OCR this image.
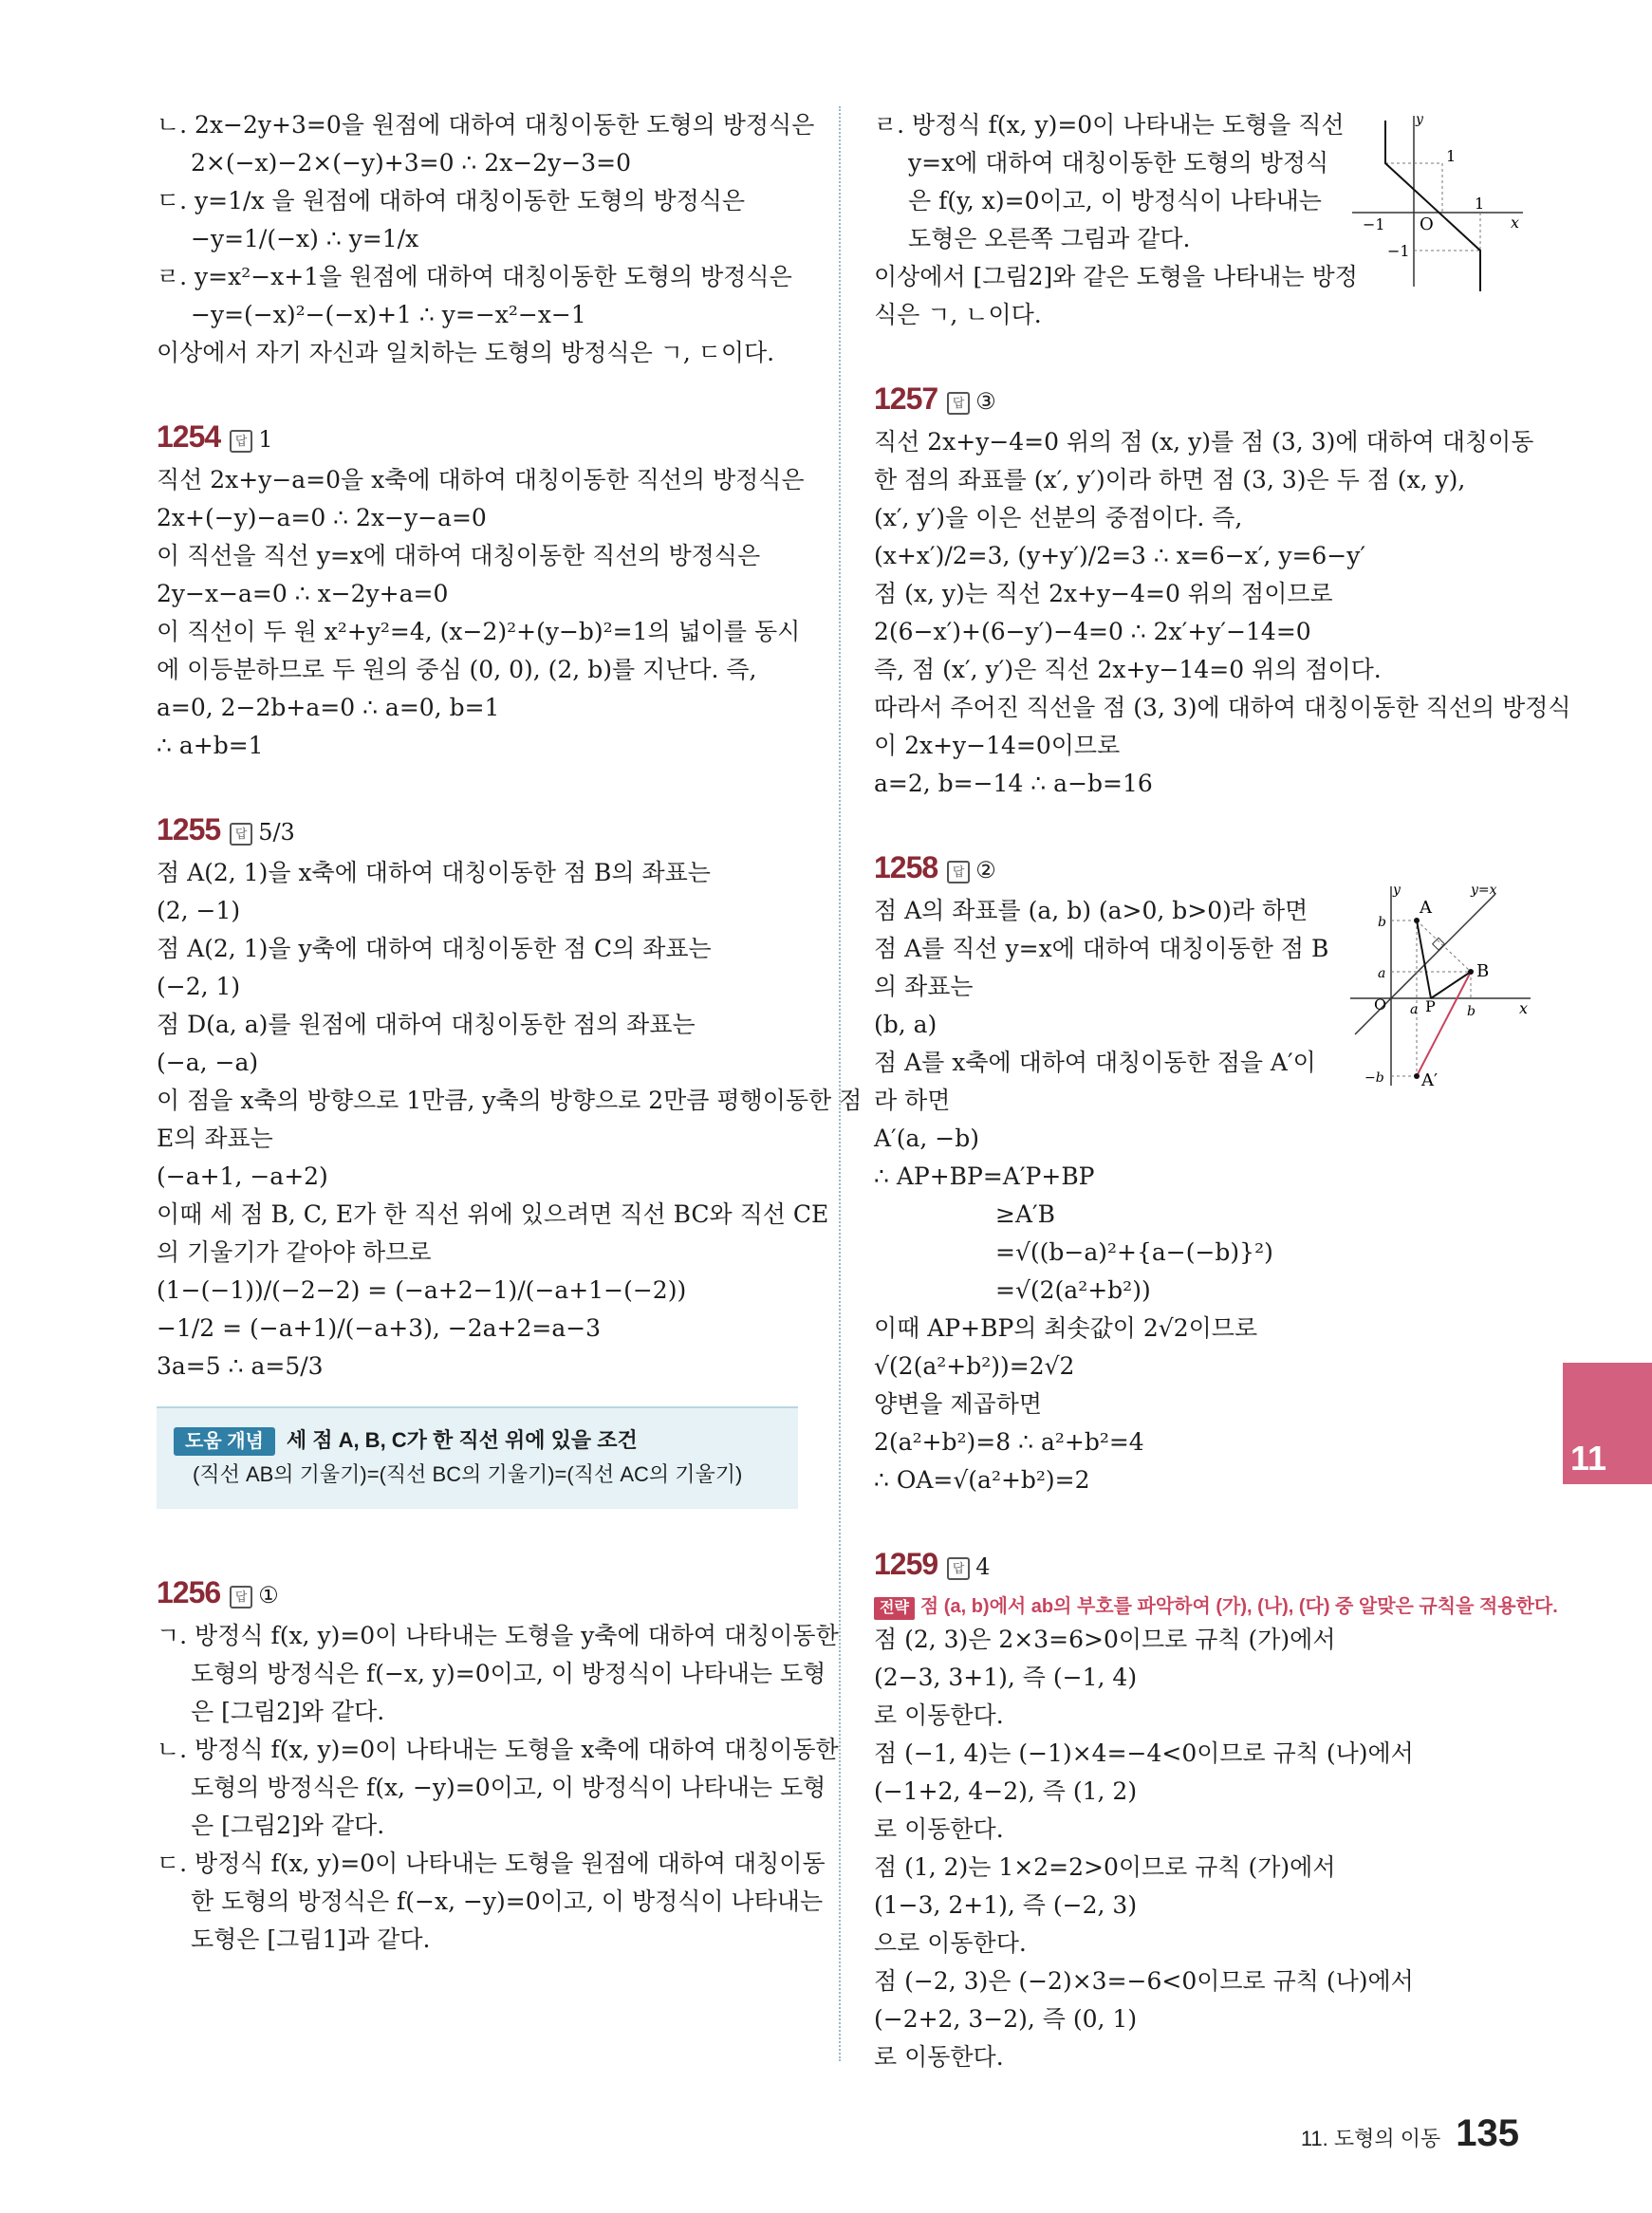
ㄴ. 2x−2y+3=0을 원점에 대하여 대칭이동한 도형의 방정식은
2×(−x)−2×(−y)+3=0 ∴ 2x−2y−3=0
ㄷ. y=1/x 을 원점에 대하여 대칭이동한 도형의 방정식은
−y=1/(−x) ∴ y=1/x
ㄹ. y=x²−x+1을 원점에 대하여 대칭이동한 도형의 방정식은
−y=(−x)²−(−x)+1 ∴ y=−x²−x−1
이상에서 자기 자신과 일치하는 도형의 방정식은 ㄱ, ㄷ이다.
1254 답 1
직선 2x+y−a=0을 x축에 대하여 대칭이동한 직선의 방정식은
2x+(−y)−a=0 ∴ 2x−y−a=0
이 직선을 직선 y=x에 대하여 대칭이동한 직선의 방정식은
2y−x−a=0 ∴ x−2y+a=0
이 직선이 두 원 x²+y²=4, (x−2)²+(y−b)²=1의 넓이를 동시
에 이등분하므로 두 원의 중심 (0, 0), (2, b)를 지난다. 즉,
a=0, 2−2b+a=0 ∴ a=0, b=1
∴ a+b=1
1255 답 5/3
점 A(2, 1)을 x축에 대하여 대칭이동한 점 B의 좌표는
(2, −1)
점 A(2, 1)을 y축에 대하여 대칭이동한 점 C의 좌표는
(−2, 1)
점 D(a, a)를 원점에 대하여 대칭이동한 점의 좌표는
(−a, −a)
이 점을 x축의 방향으로 1만큼, y축의 방향으로 2만큼 평행이동한 점
E의 좌표는
(−a+1, −a+2)
이때 세 점 B, C, E가 한 직선 위에 있으려면 직선 BC와 직선 CE
의 기울기가 같아야 하므로
(1−(−1))/(−2−2) = (−a+2−1)/(−a+1−(−2))
−1/2 = (−a+1)/(−a+3), −2a+2=a−3
3a=5 ∴ a=5/3
도움 개념 세 점 A, B, C가 한 직선 위에 있을 조건
(직선 AB의 기울기)=(직선 BC의 기울기)=(직선 AC의 기울기)
1256 답 ①
ㄱ. 방정식 f(x, y)=0이 나타내는 도형을 y축에 대하여 대칭이동한
도형의 방정식은 f(−x, y)=0이고, 이 방정식이 나타내는 도형
은 [그림2]와 같다.
ㄴ. 방정식 f(x, y)=0이 나타내는 도형을 x축에 대하여 대칭이동한
도형의 방정식은 f(x, −y)=0이고, 이 방정식이 나타내는 도형
은 [그림2]와 같다.
ㄷ. 방정식 f(x, y)=0이 나타내는 도형을 원점에 대하여 대칭이동
한 도형의 방정식은 f(−x, −y)=0이고, 이 방정식이 나타내는
도형은 [그림1]과 같다.
ㄹ. 방정식 f(x, y)=0이 나타내는 도형을 직선
y=x에 대하여 대칭이동한 도형의 방정식
은 f(y, x)=0이고, 이 방정식이 나타내는
도형은 오른쪽 그림과 같다.
이상에서 [그림2]와 같은 도형을 나타내는 방정
식은 ㄱ, ㄴ이다.
1257 답 ③
직선 2x+y−4=0 위의 점 (x, y)를 점 (3, 3)에 대하여 대칭이동
한 점의 좌표를 (x′, y′)이라 하면 점 (3, 3)은 두 점 (x, y),
(x′, y′)을 이은 선분의 중점이다. 즉,
(x+x′)/2=3, (y+y′)/2=3 ∴ x=6−x′, y=6−y′
점 (x, y)는 직선 2x+y−4=0 위의 점이므로
2(6−x′)+(6−y′)−4=0 ∴ 2x′+y′−14=0
즉, 점 (x′, y′)은 직선 2x+y−14=0 위의 점이다.
따라서 주어진 직선을 점 (3, 3)에 대하여 대칭이동한 직선의 방정식
이 2x+y−14=0이므로
a=2, b=−14 ∴ a−b=16
1258 답 ②
점 A의 좌표를 (a, b) (a>0, b>0)라 하면
점 A를 직선 y=x에 대하여 대칭이동한 점 B
의 좌표는
(b, a)
점 A를 x축에 대하여 대칭이동한 점을 A′이
라 하면
A′(a, −b)
∴ AP+BP=A′P+BP
≥A′B
=√((b−a)²+{a−(−b)}²)
=√(2(a²+b²))
이때 AP+BP의 최솟값이 2√2이므로
√(2(a²+b²))=2√2
양변을 제곱하면
2(a²+b²)=8 ∴ a²+b²=4
∴ OA=√(a²+b²)=2
1259 답 4
전략 점 (a, b)에서 ab의 부호를 파악하여 (가), (나), (다) 중 알맞은 규칙을 적용한다.
점 (2, 3)은 2×3=6>0이므로 규칙 (가)에서
(2−3, 3+1), 즉 (−1, 4)
로 이동한다.
점 (−1, 4)는 (−1)×4=−4<0이므로 규칙 (나)에서
(−1+2, 4−2), 즉 (1, 2)
로 이동한다.
점 (1, 2)는 1×2=2>0이므로 규칙 (가)에서
(1−3, 2+1), 즉 (−2, 3)
으로 이동한다.
점 (−2, 3)은 (−2)×3=−6<0이므로 규칙 (나)에서
(−2+2, 3−2), 즉 (0, 1)
로 이동한다.
y
x
O
1
1
−1
−1
y
x
y=x
A
B
A′
P
O a	b
b
a
−b
11
11. 도형의 이동 135
